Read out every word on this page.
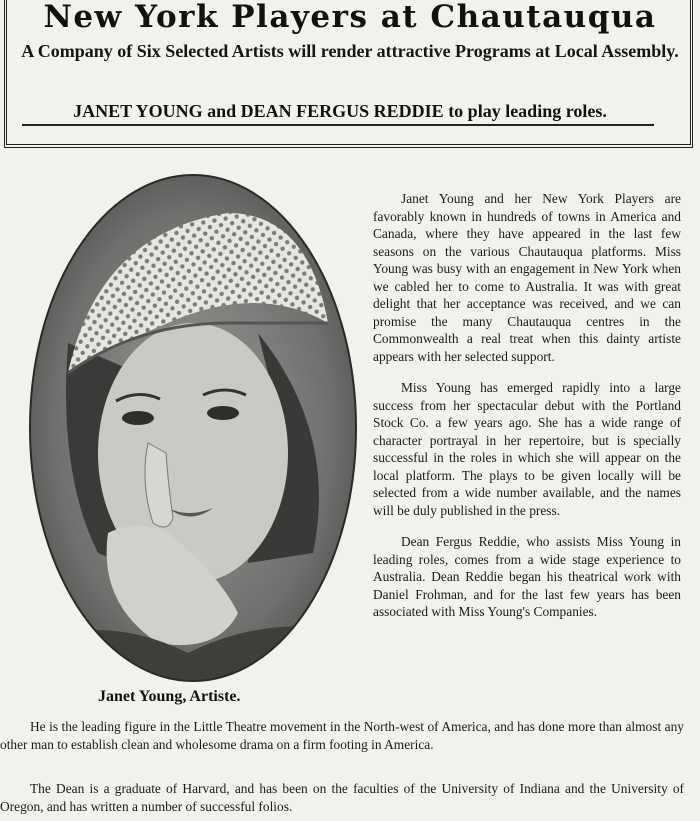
New York Players at Chautauqua
A Company of Six Selected Artists will render attractive Programs at Local Assembly.
JANET YOUNG and DEAN FERGUS REDDIE to play leading roles.
Janet Young, Artiste.

Janet Young and her New York Players are favorably known in hundreds of towns in America and Canada, where they have appeared in the last few seasons on the various Chautauqua platforms. Miss Young was busy with an engagement in New York when we cabled her to come to Australia. It was with great delight that her acceptance was received, and we can promise the many Chautauqua centres in the Commonwealth a real treat when this dainty artiste appears with her selected support.

Miss Young has emerged rapidly into a large success from her spectacular debut with the Portland Stock Co. a few years ago. She has a wide range of character portrayal in her repertoire, but is specially successful in the roles in which she will appear on the local platform. The plays to be given locally will be selected from a wide number available, and the names will be duly published in the press.

Dean Fergus Reddie, who assists Miss Young in leading roles, comes from a wide stage experience to Australia. Dean Reddie began his theatrical work with Daniel Frohman, and for the last few years has been associated with Miss Young's Companies.

He is the leading figure in the Little Theatre movement in the North-west of America, and has done more than almost any other man to establish clean and wholesome drama on a firm footing in America.
The Dean is a graduate of Harvard, and has been on the faculties of the University of Indiana and the University of Oregon, and has written a number of successful folios.
